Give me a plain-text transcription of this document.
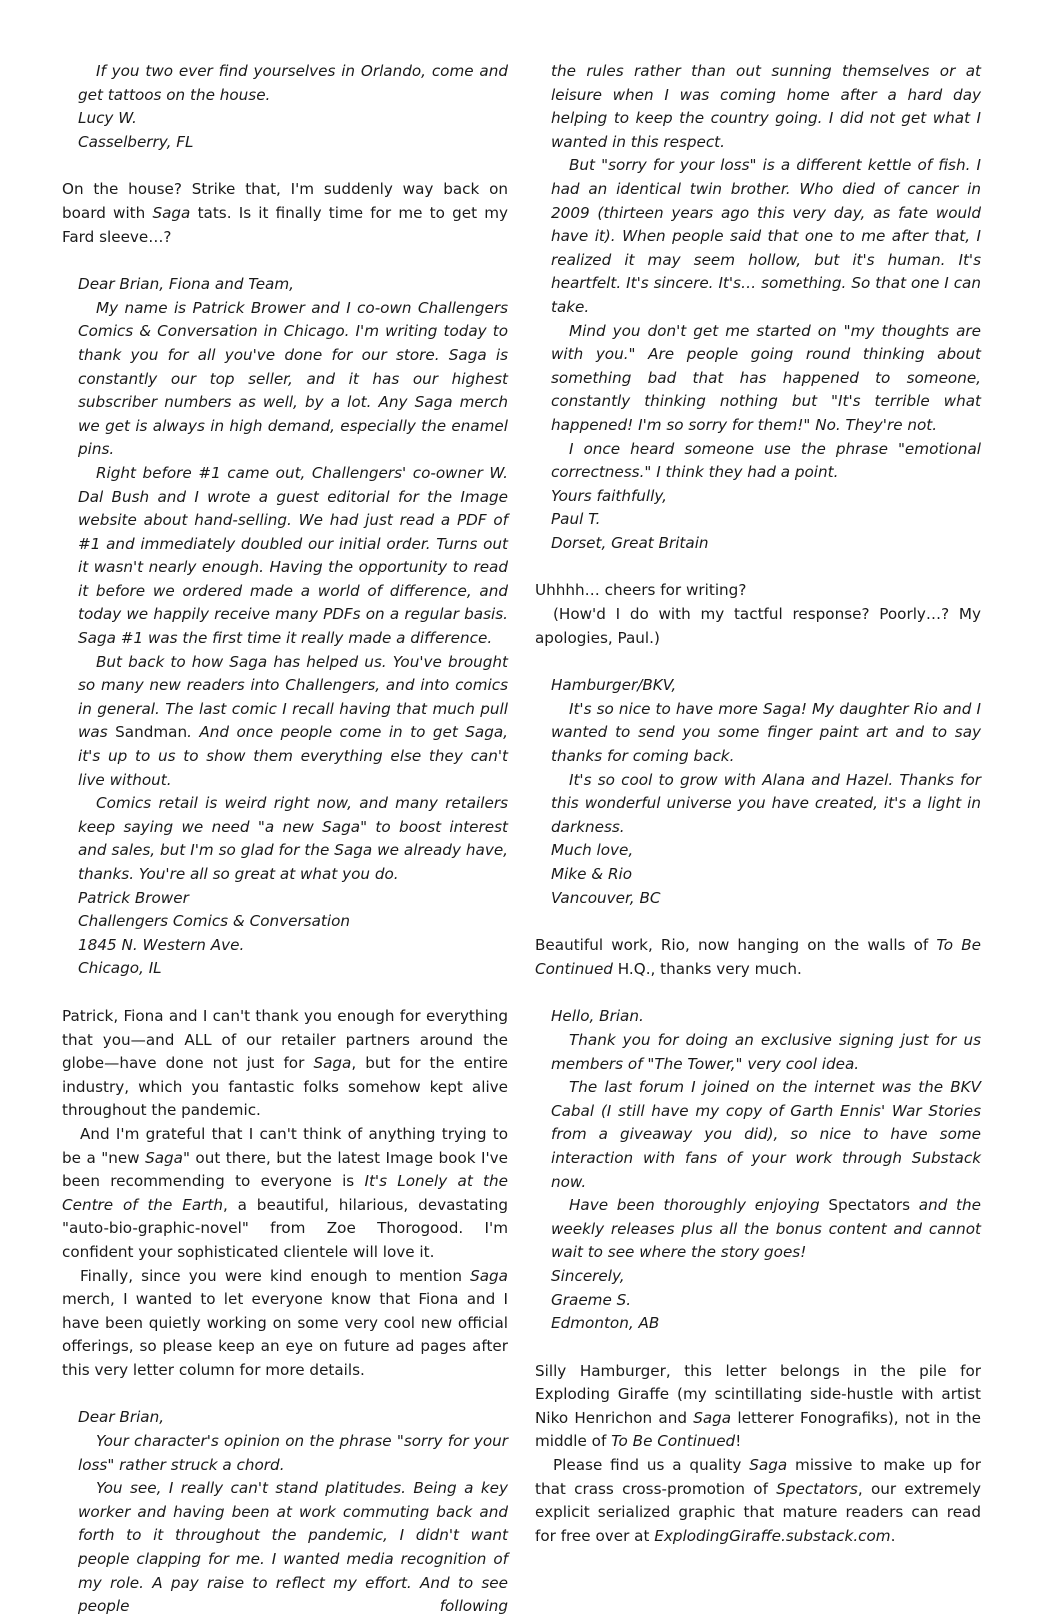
If you two ever find yourselves in Orlando, come and get tattoos on the house.

Lucy W.

Casselberry, FL

On the house? Strike that, I'm suddenly way back on board with Saga tats. Is it finally time for me to get my Fard sleeve…?

Dear Brian, Fiona and Team,

My name is Patrick Brower and I co-own Challengers Comics & Conversation in Chicago. I'm writing today to thank you for all you've done for our store. Saga is constantly our top seller, and it has our highest subscriber numbers as well, by a lot. Any Saga merch we get is always in high demand, especially the enamel pins.

Right before #1 came out, Challengers' co-owner W. Dal Bush and I wrote a guest editorial for the Image website about hand-selling. We had just read a PDF of #1 and immediately doubled our initial order. Turns out it wasn't nearly enough. Having the opportunity to read it before we ordered made a world of difference, and today we happily receive many PDFs on a regular basis. Saga #1 was the first time it really made a difference.

But back to how Saga has helped us. You've brought so many new readers into Challengers, and into comics in general. The last comic I recall having that much pull was Sandman. And once people come in to get Saga, it's up to us to show them everything else they can't live without.

Comics retail is weird right now, and many retailers keep saying we need "a new Saga" to boost interest and sales, but I'm so glad for the Saga we already have, thanks. You're all so great at what you do.

Patrick Brower

Challengers Comics & Conversation

1845 N. Western Ave.

Chicago, IL

Patrick, Fiona and I can't thank you enough for everything that you—and ALL of our retailer partners around the globe—have done not just for Saga, but for the entire industry, which you fantastic folks somehow kept alive throughout the pandemic.

And I'm grateful that I can't think of anything trying to be a "new Saga" out there, but the latest Image book I've been recommending to everyone is It's Lonely at the Centre of the Earth, a beautiful, hilarious, devastating "auto-bio-graphic-novel" from Zoe Thorogood. I'm confident your sophisticated clientele will love it.

Finally, since you were kind enough to mention Saga merch, I wanted to let everyone know that Fiona and I have been quietly working on some very cool new official offerings, so please keep an eye on future ad pages after this very letter column for more details.

Dear Brian,

Your character's opinion on the phrase "sorry for your loss" rather struck a chord.

You see, I really can't stand platitudes. Being a key worker and having been at work commuting back and forth to it throughout the pandemic, I didn't want people clapping for me. I wanted media recognition of my role. A pay raise to reflect my effort. And to see people following

the rules rather than out sunning themselves or at leisure when I was coming home after a hard day helping to keep the country going. I did not get what I wanted in this respect.

But "sorry for your loss" is a different kettle of fish. I had an identical twin brother. Who died of cancer in 2009 (thirteen years ago this very day, as fate would have it). When people said that one to me after that, I realized it may seem hollow, but it's human. It's heartfelt. It's sincere. It's… something. So that one I can take.

Mind you don't get me started on "my thoughts are with you." Are people going round thinking about something bad that has happened to someone, constantly thinking nothing but "It's terrible what happened! I'm so sorry for them!" No. They're not.

I once heard someone use the phrase "emotional correctness." I think they had a point.

Yours faithfully,

Paul T.

Dorset, Great Britain

Uhhhh… cheers for writing?

(How'd I do with my tactful response? Poorly…? My apologies, Paul.)

Hamburger/BKV,

It's so nice to have more Saga! My daughter Rio and I wanted to send you some finger paint art and to say thanks for coming back.

It's so cool to grow with Alana and Hazel. Thanks for this wonderful universe you have created, it's a light in darkness.

Much love,

Mike & Rio

Vancouver, BC

Beautiful work, Rio, now hanging on the walls of To Be Continued H.Q., thanks very much.

Hello, Brian.

Thank you for doing an exclusive signing just for us members of "The Tower," very cool idea.

The last forum I joined on the internet was the BKV Cabal (I still have my copy of Garth Ennis' War Stories from a giveaway you did), so nice to have some interaction with fans of your work through Substack now.

Have been thoroughly enjoying Spectators and the weekly releases plus all the bonus content and cannot wait to see where the story goes!

Sincerely,

Graeme S.

Edmonton, AB

Silly Hamburger, this letter belongs in the pile for Exploding Giraffe (my scintillating side-hustle with artist Niko Henrichon and Saga letterer Fonografiks), not in the middle of To Be Continued!

Please find us a quality Saga missive to make up for that crass cross-promotion of Spectators, our extremely explicit serialized graphic that mature readers can read for free over at ExplodingGiraffe.substack.com.
